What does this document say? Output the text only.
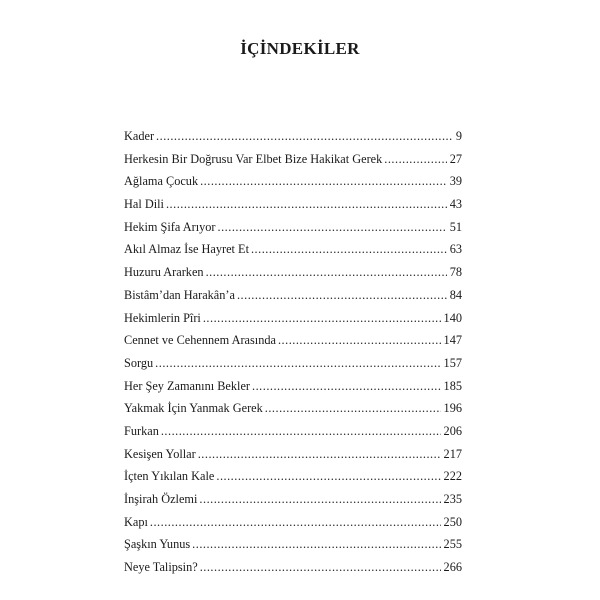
İÇİNDEKİLER
Kader .....	9
Herkesin Bir Doğrusu Var Elbet Bize Hakikat Gerek .....	27
Ağlama Çocuk .....	39
Hal Dili .....	43
Hekim Şifa Arıyor .....	51
Akıl Almaz İse Hayret Et .....	63
Huzuru Ararken .....	78
Bistâm’dan Harakân’a .....	84
Hekimlerin Pîri .....	140
Cennet ve Cehennem Arasında .....	147
Sorgu .....	157
Her Şey Zamanını Bekler .....	185
Yakmak İçin Yanmak Gerek .....	196
Furkan .....	206
Kesişen Yollar .....	217
İçten Yıkılan Kale .....	222
İnşirah Özlemi .....	235
Kapı .....	250
Şaşkın Yunus .....	255
Neye Talipsin? .....	266
